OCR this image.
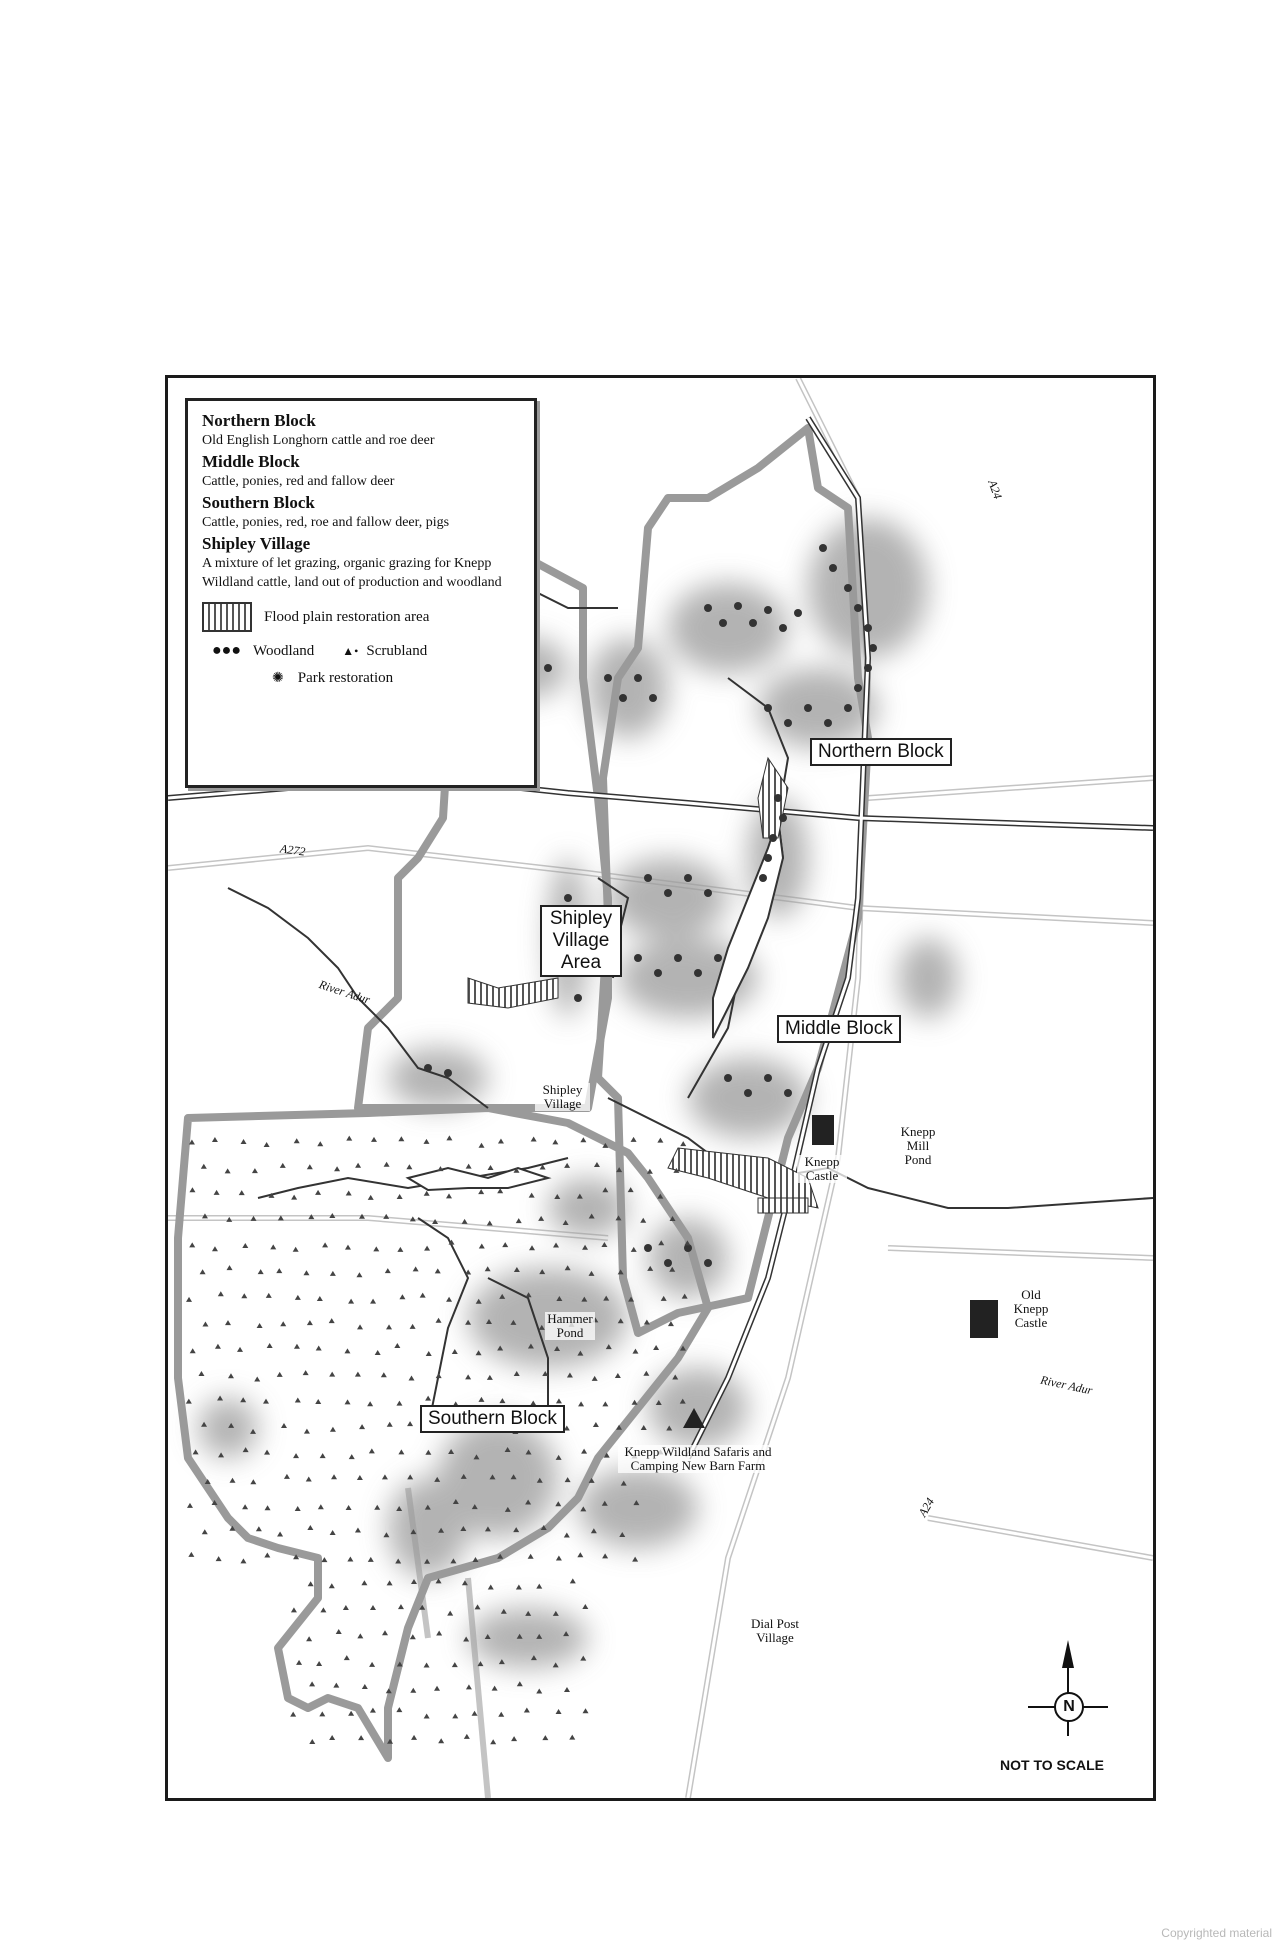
Northern Block
Old English Longhorn cattle and roe deer
Middle Block
Cattle, ponies, red and fallow deer
Southern Block
Cattle, ponies, red, roe and fallow deer, pigs
Shipley Village
A mixture of let grazing, organic grazing for Knepp Wildland cattle, land out of production and woodland
Flood plain restoration area
●●● Woodland ▲• Scrubland
✺ Park restoration
Northern Block
Middle Block
Southern Block
Shipley Village Area
Shipley Village
Knepp Castle
Knepp Mill Pond
Old Knepp Castle
Hammer Pond
Knepp Wildland Safaris and Camping New Barn Farm
Dial Post Village
River Adur
River Adur
A272
A24
A24
N
NOT TO SCALE
Copyrighted material
